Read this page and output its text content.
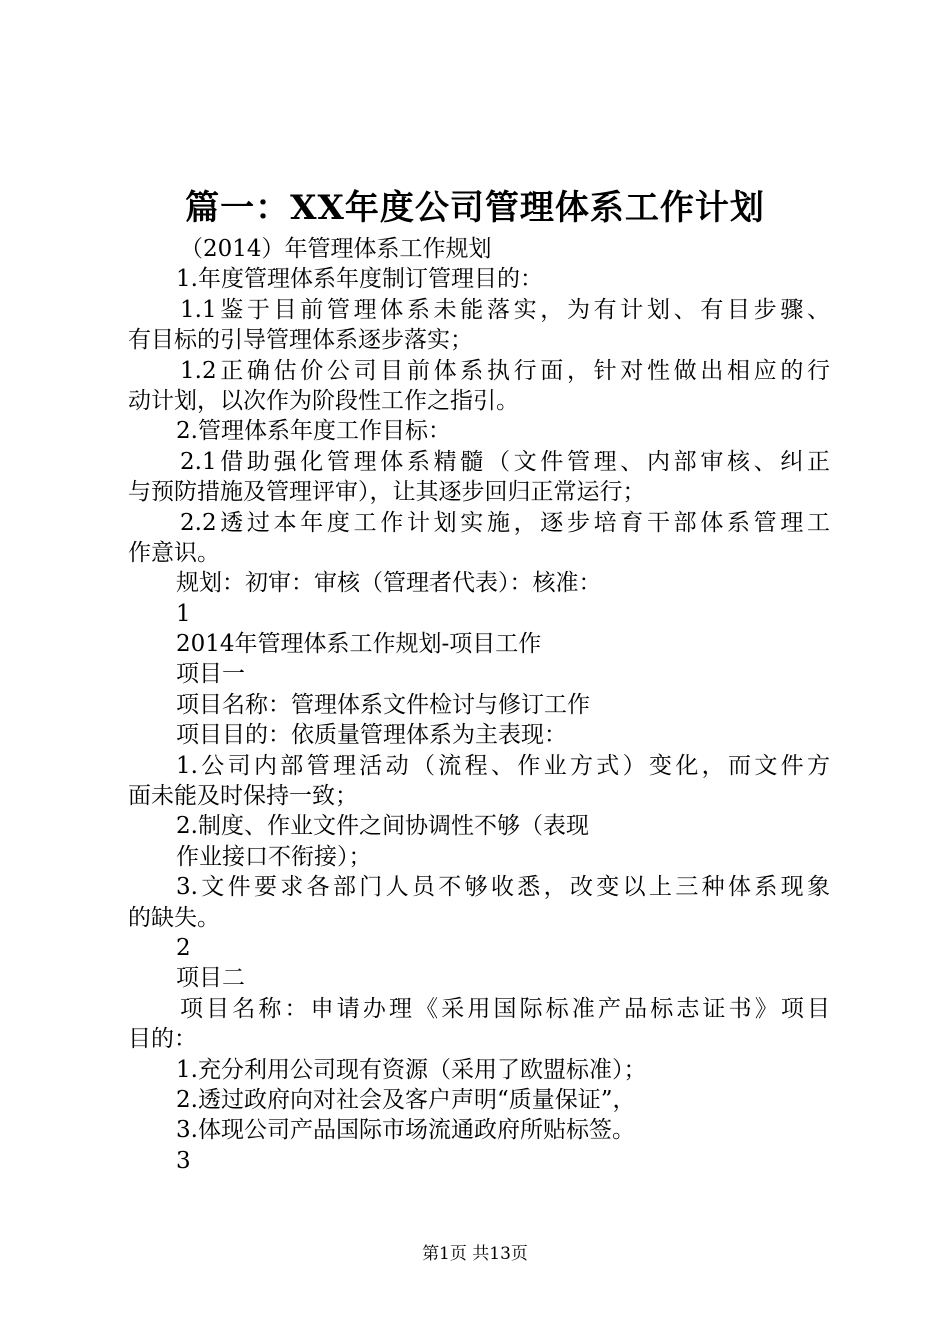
篇一：XX年度公司管理体系工作计划
（2014）年管理体系工作规划
1.年度管理体系年度制订管理目的：
1.1鉴于目前管理体系未能落实，为有计划、有目步骤、
有目标的引导管理体系逐步落实；
1.2正确估价公司目前体系执行面，针对性做出相应的行
动计划，以次作为阶段性工作之指引。
2.管理体系年度工作目标：
2.1借助强化管理体系精髓（文件管理、内部审核、纠正
与预防措施及管理评审），让其逐步回归正常运行；
2.2透过本年度工作计划实施，逐步培育干部体系管理工
作意识。
规划：初审：审核（管理者代表）：核准：
1
2014年管理体系工作规划-项目工作
项目一
项目名称：管理体系文件检讨与修订工作
项目目的：依质量管理体系为主表现：
1.公司内部管理活动（流程、作业方式）变化，而文件方
面未能及时保持一致；
2.制度、作业文件之间协调性不够（表现
作业接口不衔接）；
3.文件要求各部门人员不够收悉，改变以上三种体系现象
的缺失。
2
项目二
项目名称：申请办理《采用国际标准产品标志证书》项目
目的：
1.充分利用公司现有资源（采用了欧盟标准）；
2.透过政府向对社会及客户声明“质量保证”，
3.体现公司产品国际市场流通政府所贴标签。
3
第1页 共13页
